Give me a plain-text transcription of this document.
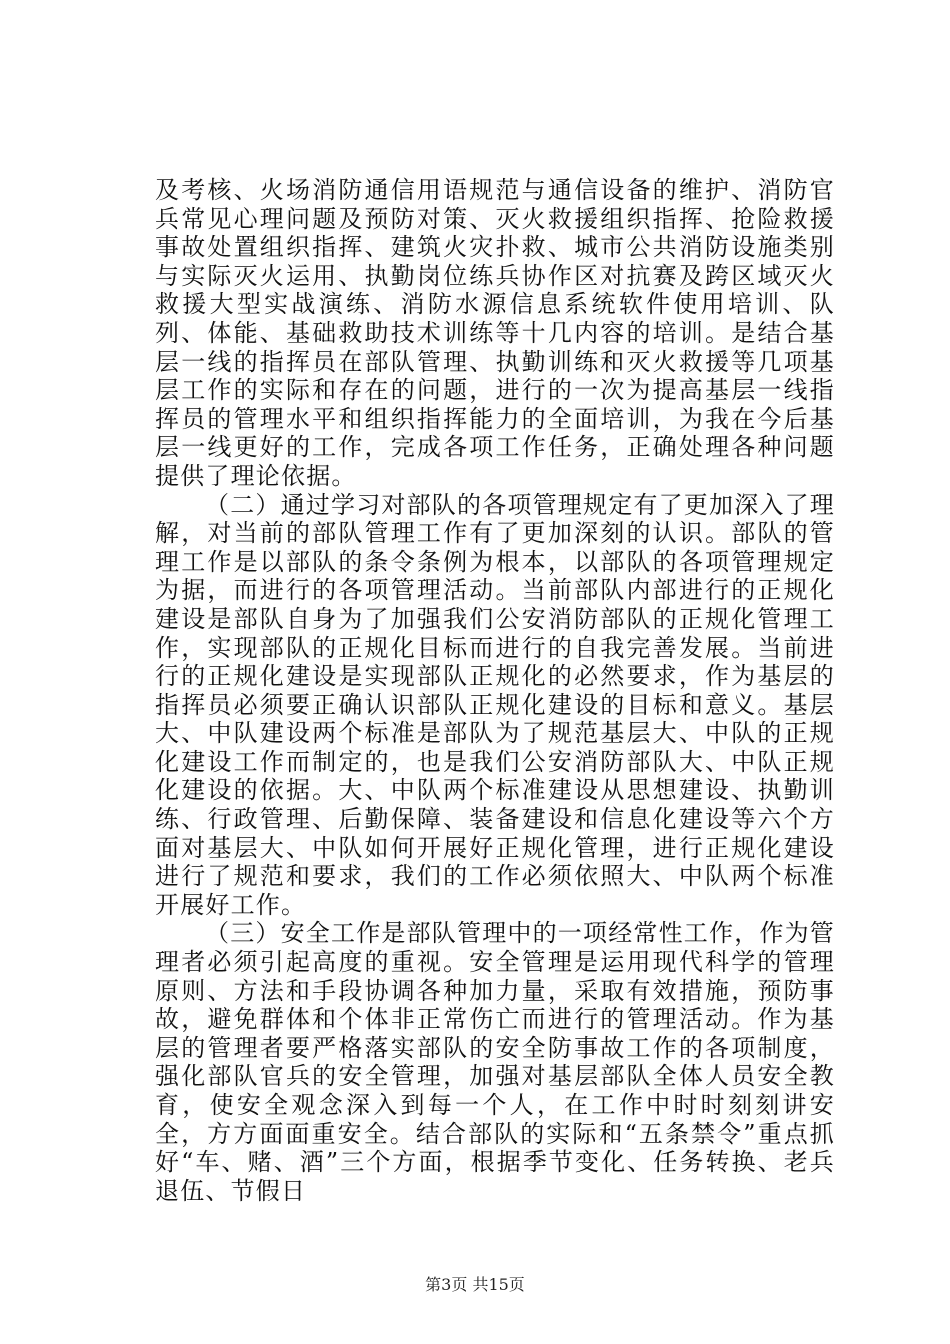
及考核、火场消防通信用语规范与通信设备的维护、消防官兵常见心理问题及预防对策、灭火救援组织指挥、抢险救援事故处置组织指挥、建筑火灾扑救、城市公共消防设施类别与实际灭火运用、执勤岗位练兵协作区对抗赛及跨区域灭火救援大型实战演练、消防水源信息系统软件使用培训、队列、体能、基础救助技术训练等十几内容的培训。是结合基层一线的指挥员在部队管理、执勤训练和灭火救援等几项基层工作的实际和存在的问题，进行的一次为提高基层一线指挥员的管理水平和组织指挥能力的全面培训，为我在今后基层一线更好的工作，完成各项工作任务，正确处理各种问题提供了理论依据。

（二）通过学习对部队的各项管理规定有了更加深入了理解，对当前的部队管理工作有了更加深刻的认识。部队的管理工作是以部队的条令条例为根本，以部队的各项管理规定为据，而进行的各项管理活动。当前部队内部进行的正规化建设是部队自身为了加强我们公安消防部队的正规化管理工作，实现部队的正规化目标而进行的自我完善发展。当前进行的正规化建设是实现部队正规化的必然要求，作为基层的指挥员必须要正确认识部队正规化建设的目标和意义。基层大、中队建设两个标准是部队为了规范基层大、中队的正规化建设工作而制定的，也是我们公安消防部队大、中队正规化建设的依据。大、中队两个标准建设从思想建设、执勤训练、行政管理、后勤保障、装备建设和信息化建设等六个方面对基层大、中队如何开展好正规化管理，进行正规化建设进行了规范和要求，我们的工作必须依照大、中队两个标准开展好工作。

（三）安全工作是部队管理中的一项经常性工作，作为管理者必须引起高度的重视。安全管理是运用现代科学的管理原则、方法和手段协调各种加力量，采取有效措施，预防事故，避免群体和个体非正常伤亡而进行的管理活动。作为基层的管理者要严格落实部队的安全防事故工作的各项制度，强化部队官兵的安全管理，加强对基层部队全体人员安全教育，使安全观念深入到每一个人，在工作中时时刻刻讲安全，方方面面重安全。结合部队的实际和“五条禁令”重点抓好“车、赌、酒”三个方面，根据季节变化、任务转换、老兵退伍、节假日

第3页 共15页
